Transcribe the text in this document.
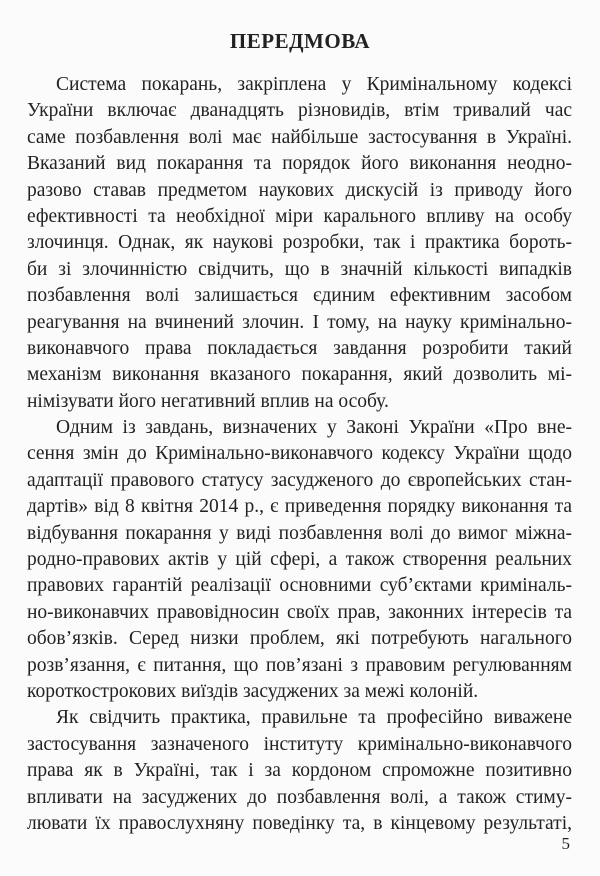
ПЕРЕДМОВА
Система покарань, закріплена у Кримінальному кодексі
України включає дванадцять різновидів, втім тривалий час
саме позбавлення волі має найбільше застосування в Україні.
Вказаний вид покарання та порядок його виконання неодно-
разово ставав предметом наукових дискусій із приводу його
ефективності та необхідної міри карального впливу на особу
злочинця. Однак, як наукові розробки, так і практика бороть-
би зі злочинністю свідчить, що в значній кількості випадків
позбавлення волі залишається єдиним ефективним засобом
реагування на вчинений злочин. І тому, на науку кримінально-
виконавчого права покладається завдання розробити такий
механізм виконання вказаного покарання, який дозволить мі-
німізувати його негативний вплив на особу.
Одним із завдань, визначених у Законі України «Про вне-
сення змін до Кримінально-виконавчого кодексу України щодо
адаптації правового статусу засудженого до європейських стан-
дартів» від 8 квітня 2014 р., є приведення порядку виконання та
відбування покарання у виді позбавлення волі до вимог міжна-
родно-правових актів у цій сфері, а також створення реальних
правових гарантій реалізації основними суб’єктами криміналь-
но-виконавчих правовідносин своїх прав, законних інтересів та
обов’язків. Серед низки проблем, які потребують нагального
розв’язання, є питання, що пов’язані з правовим регулюванням
короткострокових виїздів засуджених за межі колоній.
Як свідчить практика, правильне та професійно виважене
застосування зазначеного інституту кримінально-виконавчого
права як в Україні, так і за кордоном спроможне позитивно
впливати на засуджених до позбавлення волі, а також стиму-
лювати їх правослухняну поведінку та, в кінцевому результаті,
5
